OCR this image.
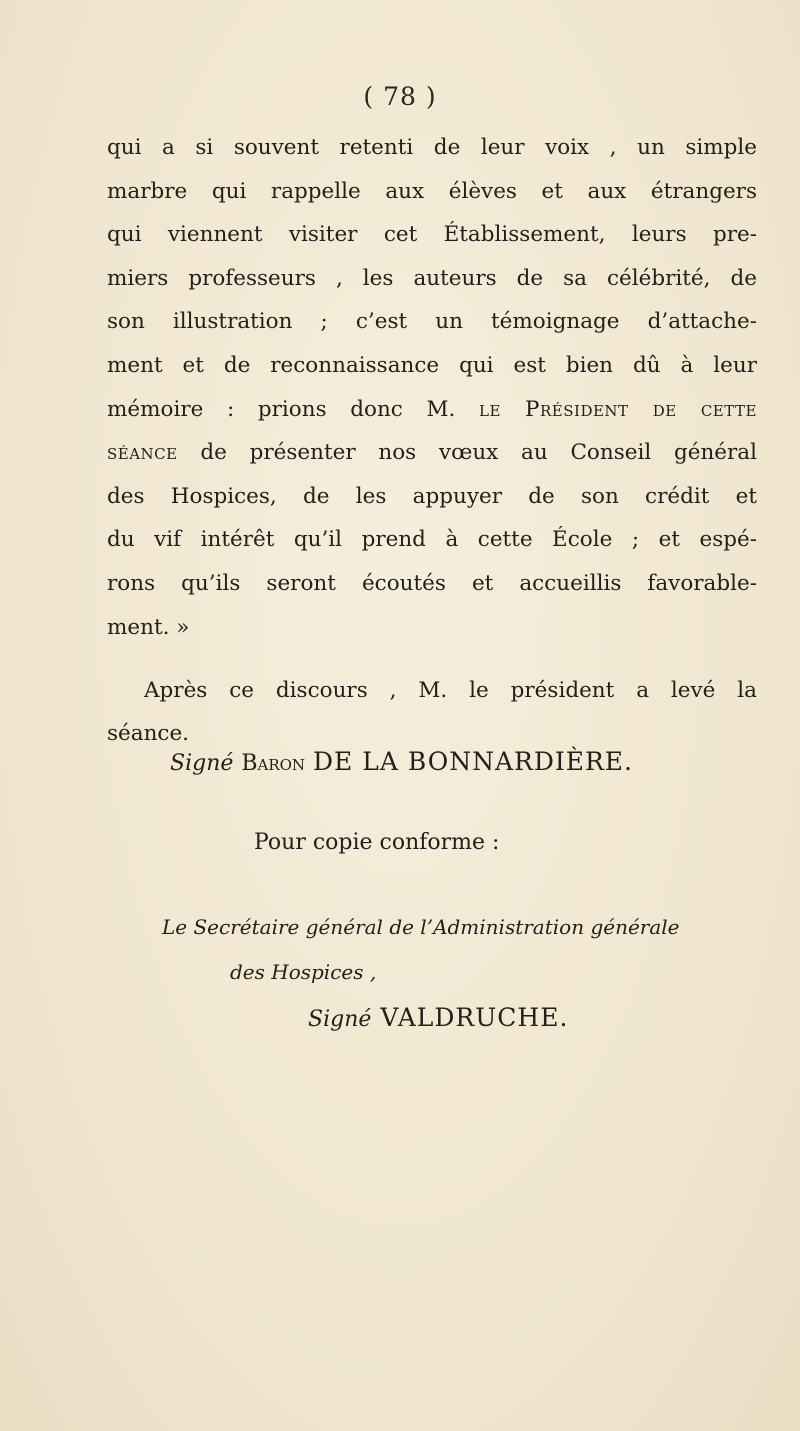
( 78 )
qui a si souvent retenti de leur voix , un simple
marbre qui rappelle aux élèves et aux étrangers
qui viennent visiter cet Établissement, leurs pre-
miers professeurs , les auteurs de sa célébrité, de
son illustration ; c’est un témoignage d’attache-
ment et de reconnaissance qui est bien dû à leur
mémoire : prions donc M. le Président de cette
séance de présenter nos vœux au Conseil général
des Hospices, de les appuyer de son crédit et
du vif intérêt qu’il prend à cette École ; et espé-
rons qu’ils seront écoutés et accueillis favorable-
ment. »
Après ce discours , M. le président a levé la
séance.
Signé Baron DE LA BONNARDIÈRE.
Pour copie conforme :
Le Secrétaire général de l’Administration générale
des Hospices ,
Signé VALDRUCHE.
